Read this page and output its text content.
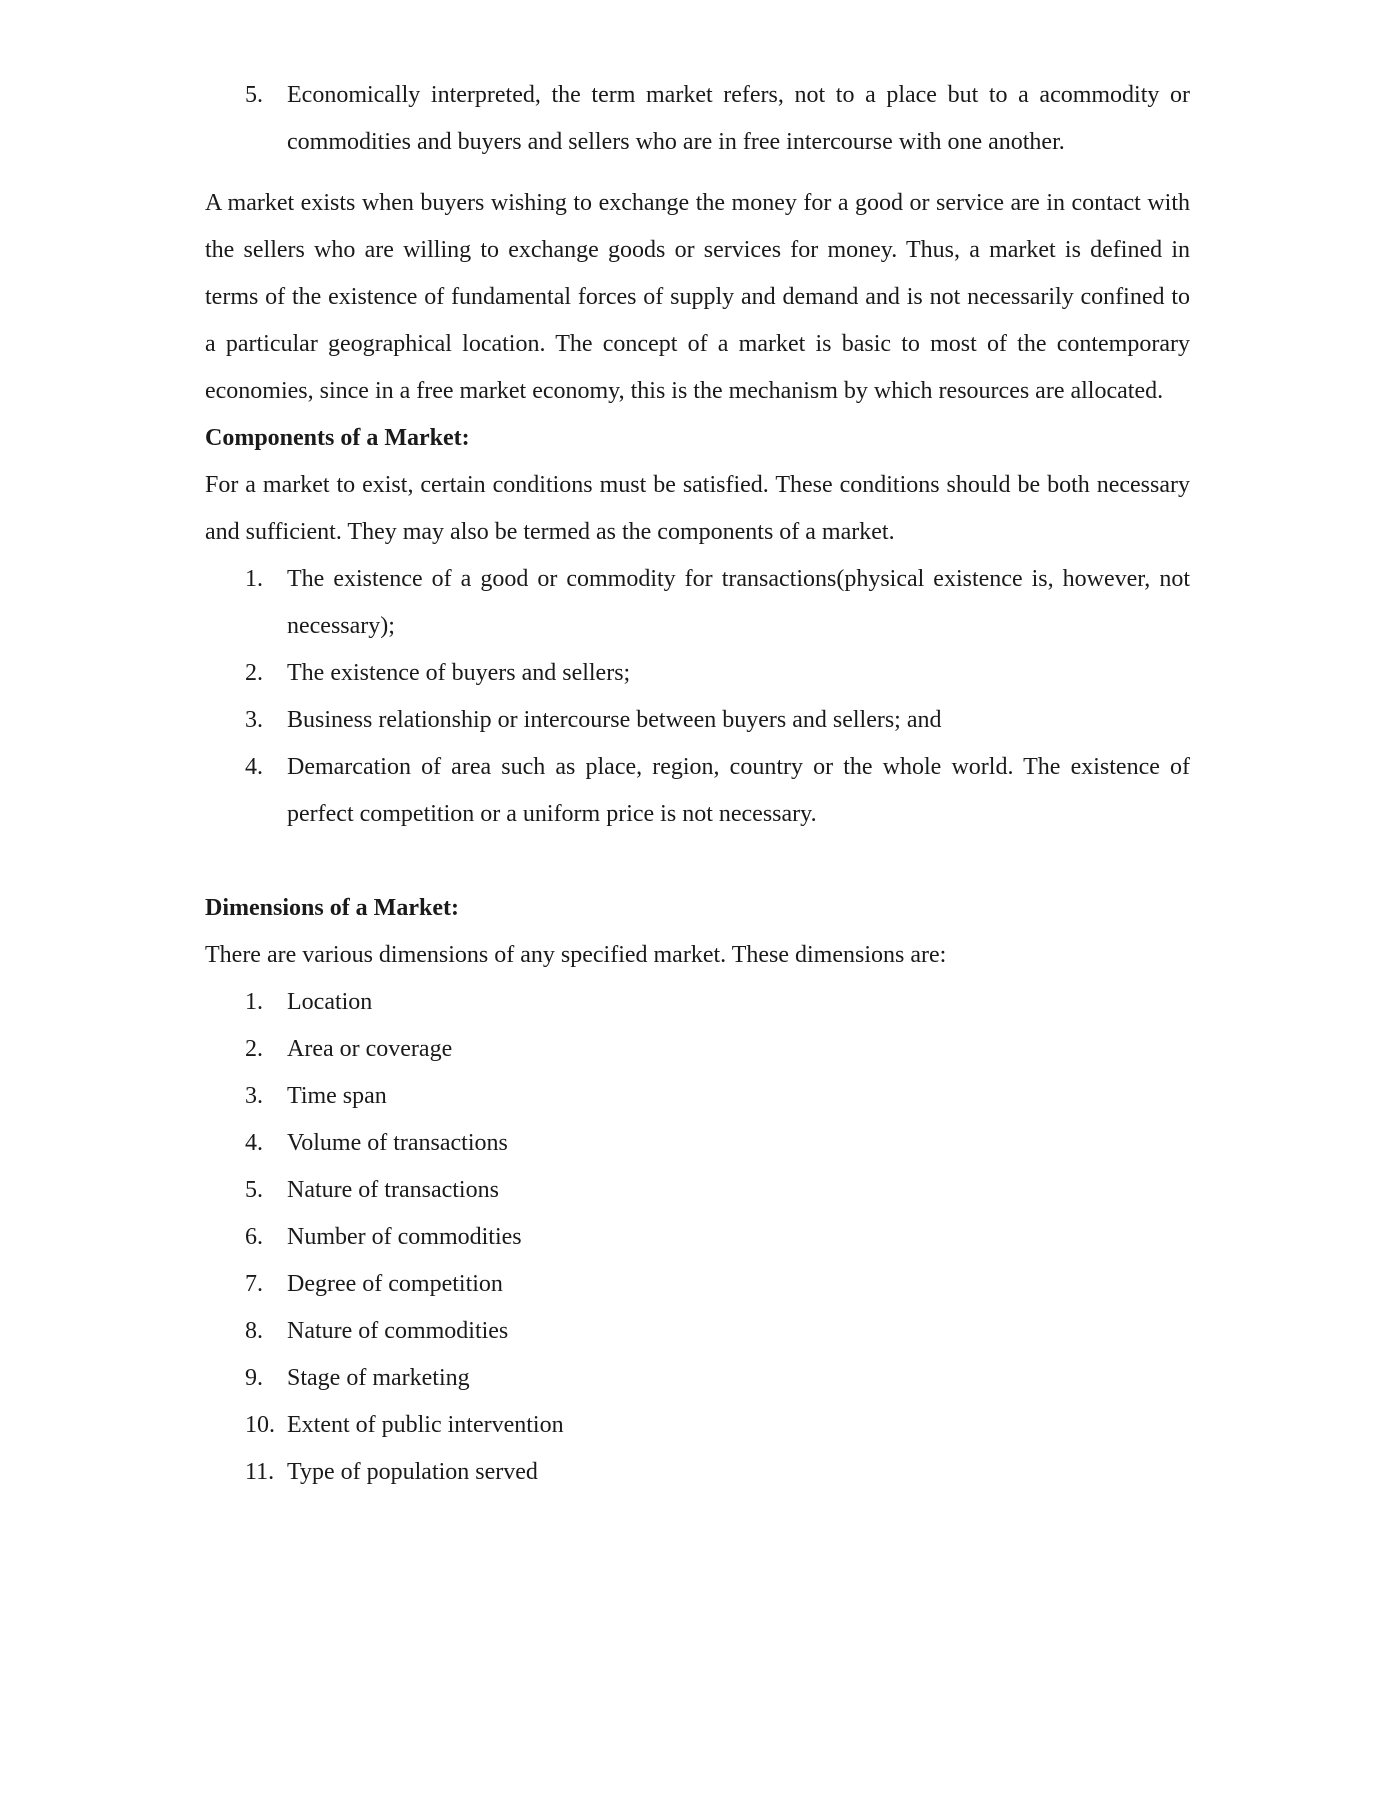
5. Economically interpreted, the term market refers, not to a place but to a acommodity or commodities and buyers and sellers who are in free intercourse with one another.

A market exists when buyers wishing to exchange the money for a good or service are in contact with the sellers who are willing to exchange goods or services for money. Thus, a market is defined in terms of the existence of fundamental forces of supply and demand and is not necessarily confined to a particular geographical location. The concept of a market is basic to most of the contemporary economies, since in a free market economy, this is the mechanism by which resources are allocated.

Components of a Market:

For a market to exist, certain conditions must be satisfied. These conditions should be both necessary and sufficient. They may also be termed as the components of a market.

1. The existence of a good or commodity for transactions(physical existence is, however, not necessary);
2. The existence of buyers and sellers;
3. Business relationship or intercourse between buyers and sellers; and
4. Demarcation of area such as place, region, country or the whole world. The existence of perfect competition or a uniform price is not necessary.
Dimensions of a Market:

There are various dimensions of any specified market. These dimensions are:

1. Location
2. Area or coverage
3. Time span
4. Volume of transactions
5. Nature of transactions
6. Number of commodities
7. Degree of competition
8. Nature of commodities
9. Stage of marketing
10. Extent of public intervention
11. Type of population served
